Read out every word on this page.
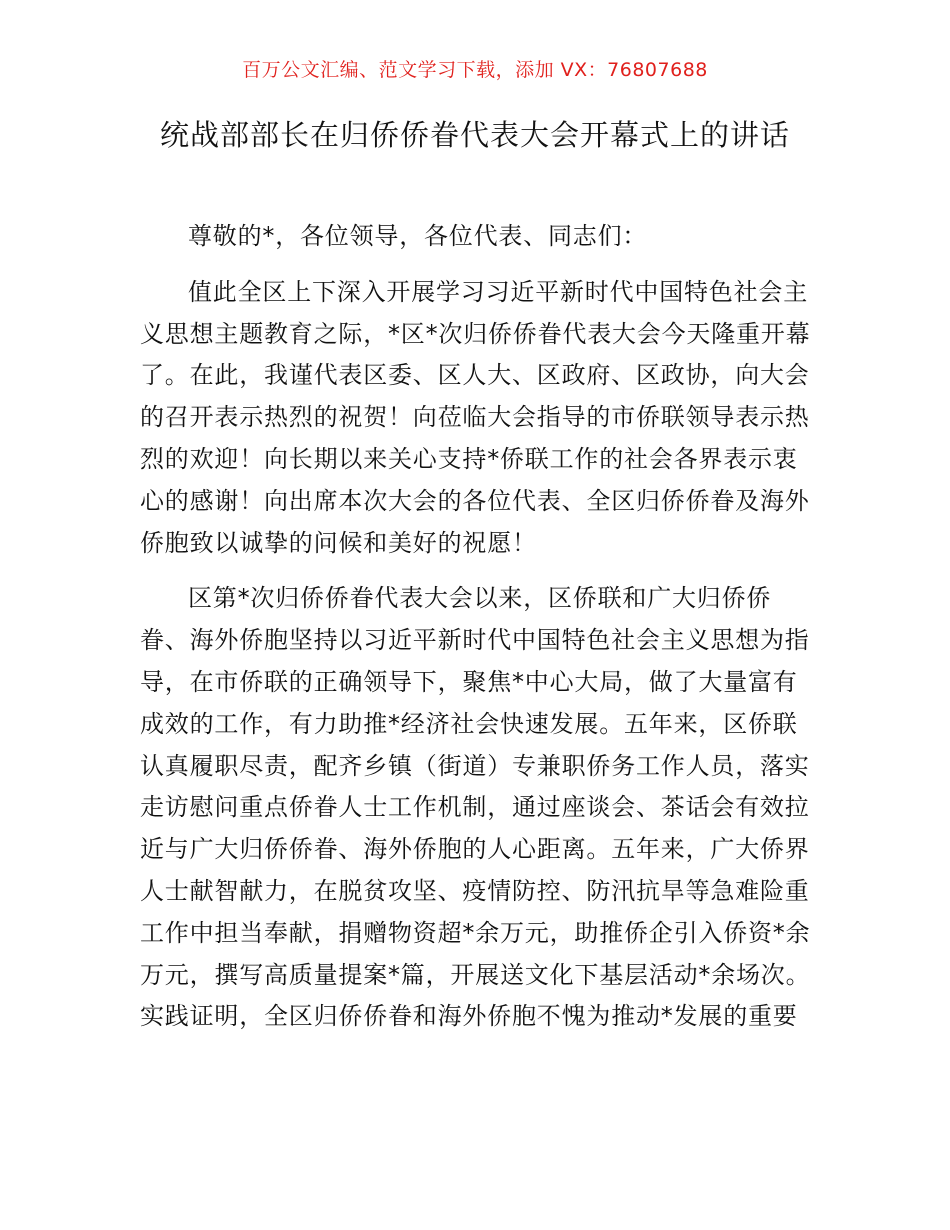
百万公文汇编、范文学习下载，添加 VX：76807688
统战部部长在归侨侨眷代表大会开幕式上的讲话

尊敬的*，各位领导，各位代表、同志们：

值此全区上下深入开展学习习近平新时代中国特色社会主义思想主题教育之际，*区*次归侨侨眷代表大会今天隆重开幕了。在此，我谨代表区委、区人大、区政府、区政协，向大会的召开表示热烈的祝贺！向莅临大会指导的市侨联领导表示热烈的欢迎！向长期以来关心支持*侨联工作的社会各界表示衷心的感谢！向出席本次大会的各位代表、全区归侨侨眷及海外侨胞致以诚挚的问候和美好的祝愿！

区第*次归侨侨眷代表大会以来，区侨联和广大归侨侨眷、海外侨胞坚持以习近平新时代中国特色社会主义思想为指导，在市侨联的正确领导下，聚焦*中心大局，做了大量富有成效的工作，有力助推*经济社会快速发展。五年来，区侨联认真履职尽责，配齐乡镇（街道）专兼职侨务工作人员，落实走访慰问重点侨眷人士工作机制，通过座谈会、茶话会有效拉近与广大归侨侨眷、海外侨胞的人心距离。五年来，广大侨界人士献智献力，在脱贫攻坚、疫情防控、防汛抗旱等急难险重工作中担当奉献，捐赠物资超*余万元，助推侨企引入侨资*余万元，撰写高质量提案*篇，开展送文化下基层活动*余场次。实践证明，全区归侨侨眷和海外侨胞不愧为推动*发展的重要
